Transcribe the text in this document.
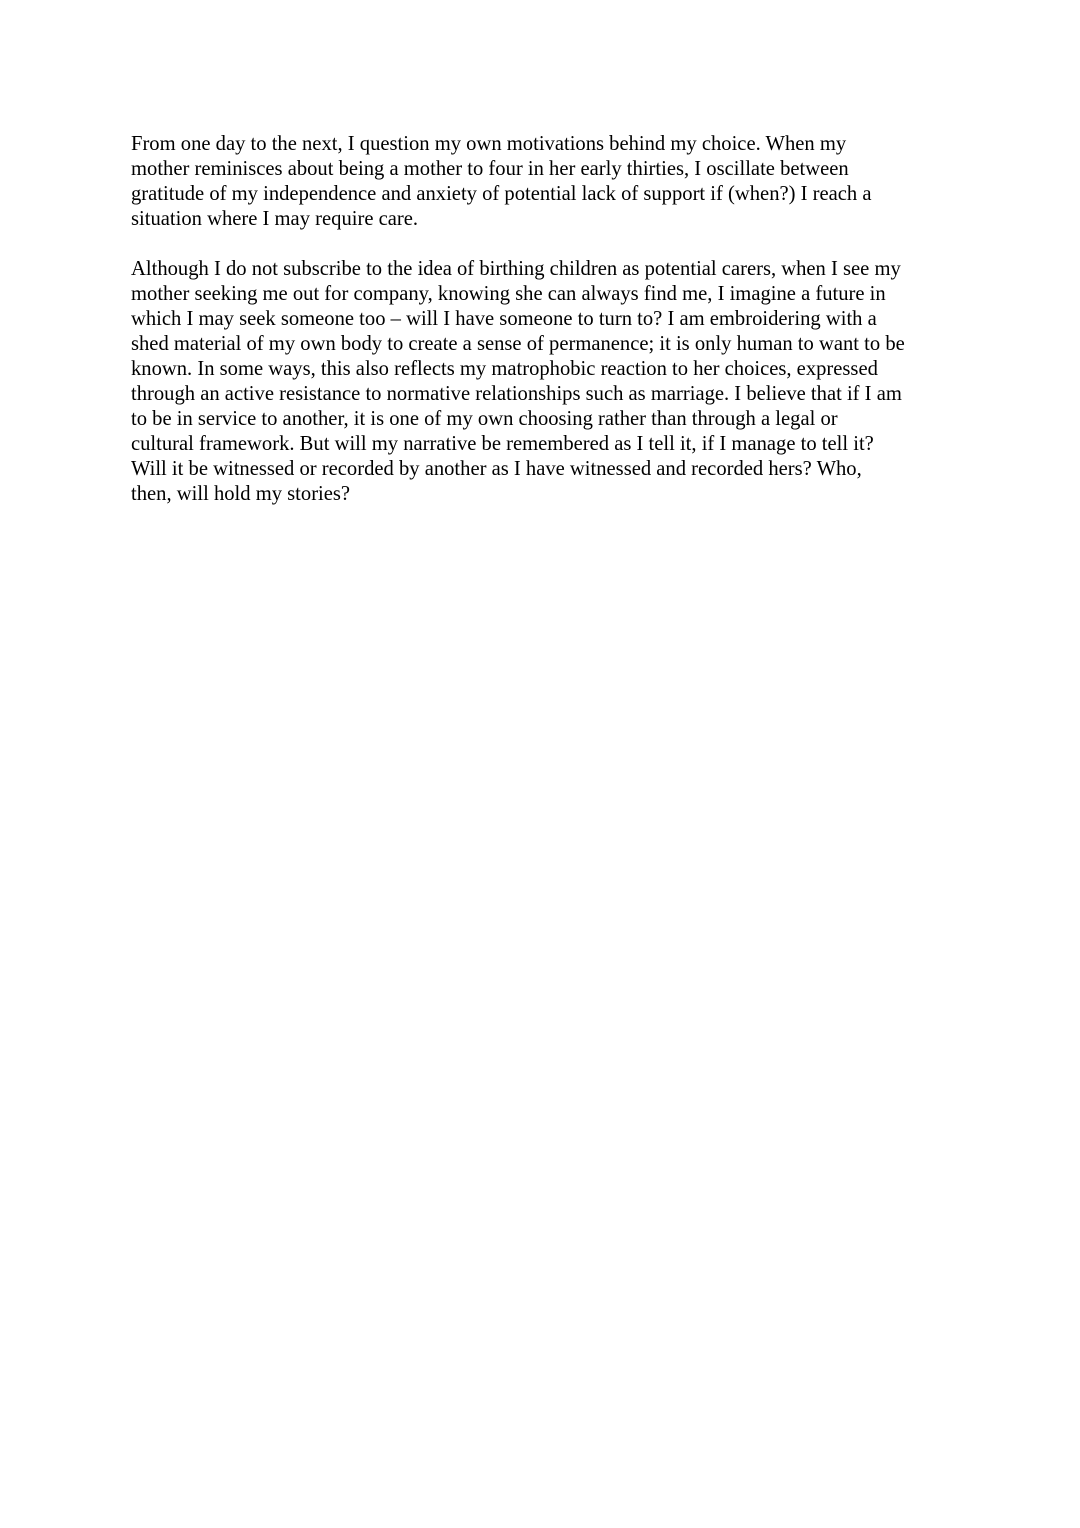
From one day to the next, I question my own motivations behind my choice. When my
mother reminisces about being a mother to four in her early thirties, I oscillate between
gratitude of my independence and anxiety of potential lack of support if (when?) I reach a
situation where I may require care.

Although I do not subscribe to the idea of birthing children as potential carers, when I see my
mother seeking me out for company, knowing she can always find me, I imagine a future in
which I may seek someone too – will I have someone to turn to? I am embroidering with a
shed material of my own body to create a sense of permanence; it is only human to want to be
known. In some ways, this also reflects my matrophobic reaction to her choices, expressed
through an active resistance to normative relationships such as marriage. I believe that if I am
to be in service to another, it is one of my own choosing rather than through a legal or
cultural framework. But will my narrative be remembered as I tell it, if I manage to tell it?
Will it be witnessed or recorded by another as I have witnessed and recorded hers? Who,
then, will hold my stories?
